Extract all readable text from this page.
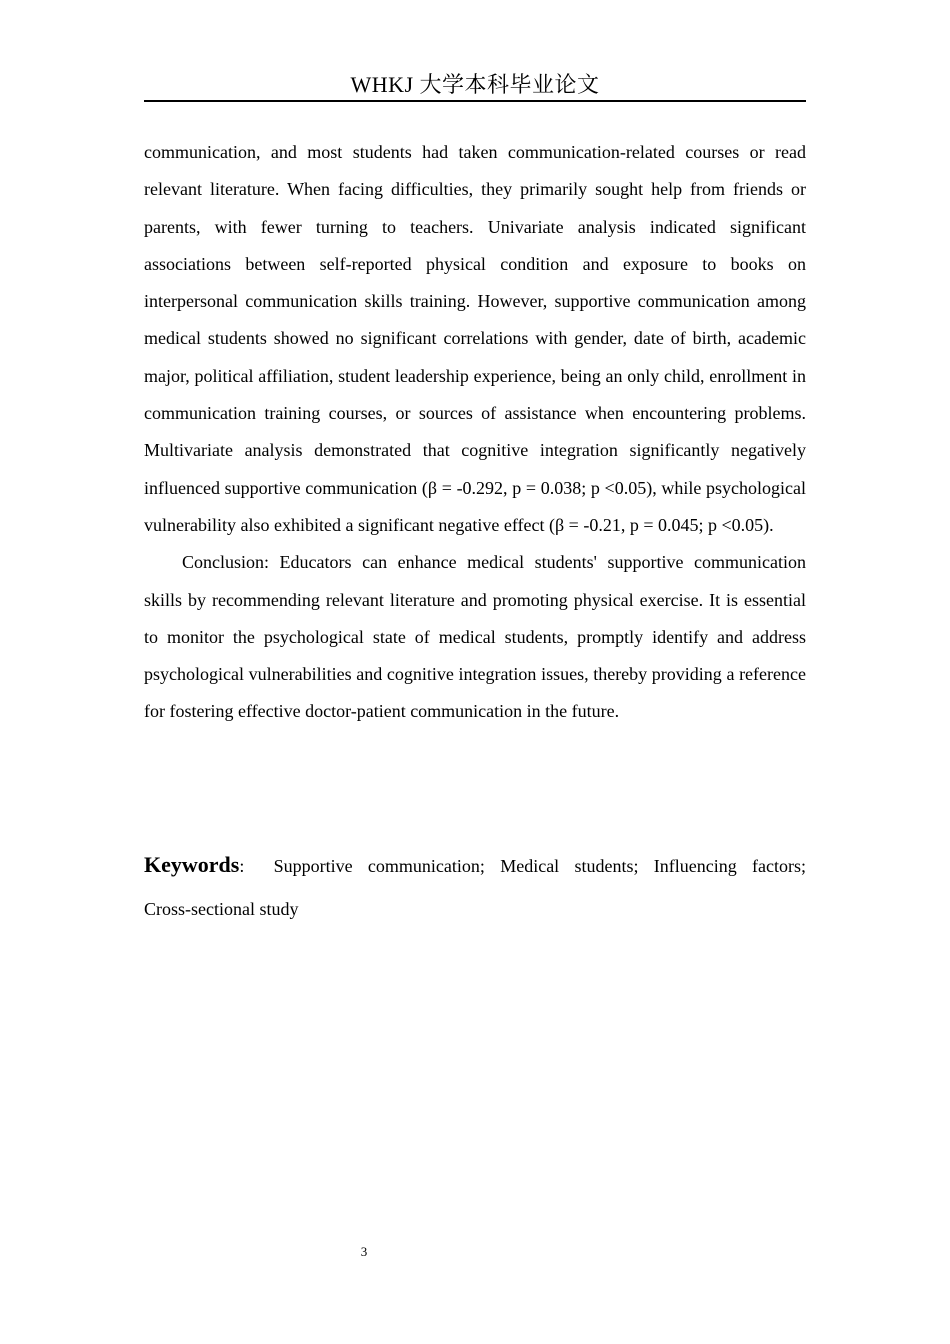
WHKJ 大学本科毕业论文

communication, and most students had taken communication-related courses or read relevant literature. When facing difficulties, they primarily sought help from friends or parents, with fewer turning to teachers. Univariate analysis indicated significant associations between self-reported physical condition and exposure to books on interpersonal communication skills training. However, supportive communication among medical students showed no significant correlations with gender, date of birth, academic major, political affiliation, student leadership experience, being an only child, enrollment in communication training courses, or sources of assistance when encountering problems. Multivariate analysis demonstrated that cognitive integration significantly negatively influenced supportive communication (β = -0.292, p = 0.038; p <0.05), while psychological vulnerability also exhibited a significant negative effect (β = -0.21, p = 0.045; p <0.05).

Conclusion: Educators can enhance medical students' supportive communication skills by recommending relevant literature and promoting physical exercise. It is essential to monitor the psychological state of medical students, promptly identify and address psychological vulnerabilities and cognitive integration issues, thereby providing a reference for fostering effective doctor-patient communication in the future.

Keywords: Supportive communication; Medical students; Influencing factors; Cross-sectional study
3
